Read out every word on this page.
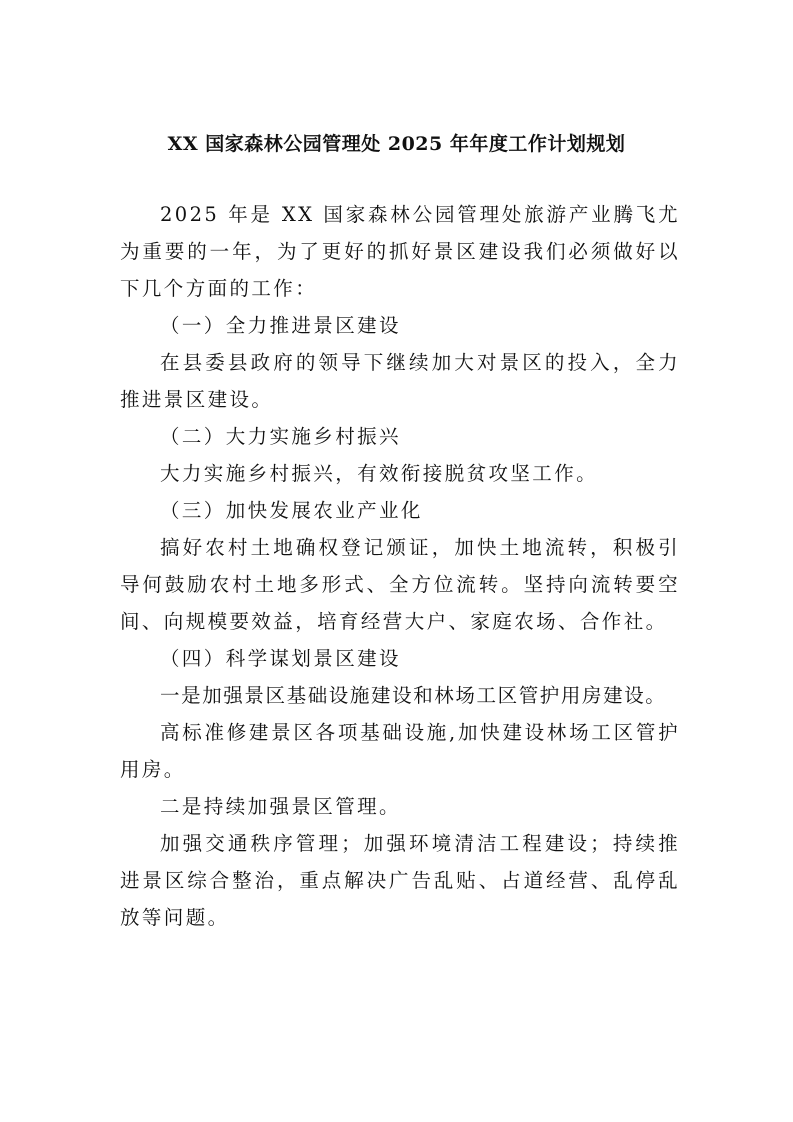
XX 国家森林公园管理处 2025 年年度工作计划规划

2025 年是 XX 国家森林公园管理处旅游产业腾飞尤为重要的一年，为了更好的抓好景区建设我们必须做好以下几个方面的工作：

（一）全力推进景区建设

在县委县政府的领导下继续加大对景区的投入，全力推进景区建设。

（二）大力实施乡村振兴

大力实施乡村振兴，有效衔接脱贫攻坚工作。

（三）加快发展农业产业化

搞好农村土地确权登记颁证，加快土地流转，积极引导何鼓励农村土地多形式、全方位流转。坚持向流转要空间、向规模要效益，培育经营大户、家庭农场、合作社。

（四）科学谋划景区建设

一是加强景区基础设施建设和林场工区管护用房建设。

高标准修建景区各项基础设施,加快建设林场工区管护用房。

二是持续加强景区管理。

加强交通秩序管理；加强环境清洁工程建设；持续推进景区综合整治，重点解决广告乱贴、占道经营、乱停乱放等问题。
